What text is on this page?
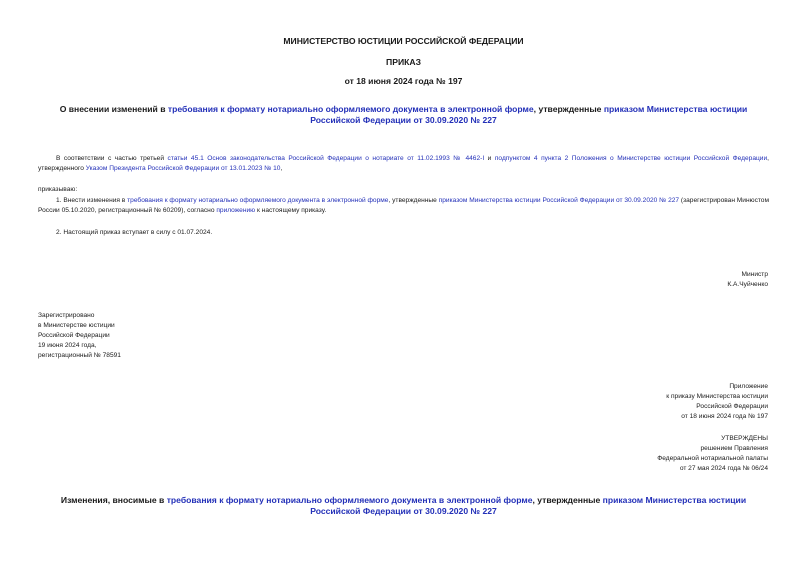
МИНИСТЕРСТВО ЮСТИЦИИ РОССИЙСКОЙ ФЕДЕРАЦИИ
ПРИКАЗ
от 18 июня 2024 года № 197
О внесении изменений в требования к формату нотариально оформляемого документа в электронной форме, утвержденные приказом Министерства юстиции Российской Федерации от 30.09.2020 № 227
В соответствии с частью третьей статьи 45.1 Основ законодательства Российской Федерации о нотариате от 11.02.1993 № 4462-I и подпунктом 4 пункта 2 Положения о Министерстве юстиции Российской Федерации, утвержденного Указом Президента Российской Федерации от 13.01.2023 № 10,
приказываю:
1. Внести изменения в требования к формату нотариально оформляемого документа в электронной форме, утвержденные приказом Министерства юстиции Российской Федерации от 30.09.2020 № 227 (зарегистрирован Минюстом России 05.10.2020, регистрационный № 60209), согласно приложению к настоящему приказу.
2. Настоящий приказ вступает в силу с 01.07.2024.
Министр
К.А.Чуйченко
Зарегистрировано
в Министерстве юстиции
Российской Федерации
19 июня 2024 года,
регистрационный № 78591
Приложение
к приказу Министерства юстиции
Российской Федерации
от 18 июня 2024 года № 197
УТВЕРЖДЕНЫ
решением Правления
Федеральной нотариальной палаты
от 27 мая 2024 года № 06/24
Изменения, вносимые в требования к формату нотариально оформляемого документа в электронной форме, утвержденные приказом Министерства юстиции Российской Федерации от 30.09.2020 № 227
